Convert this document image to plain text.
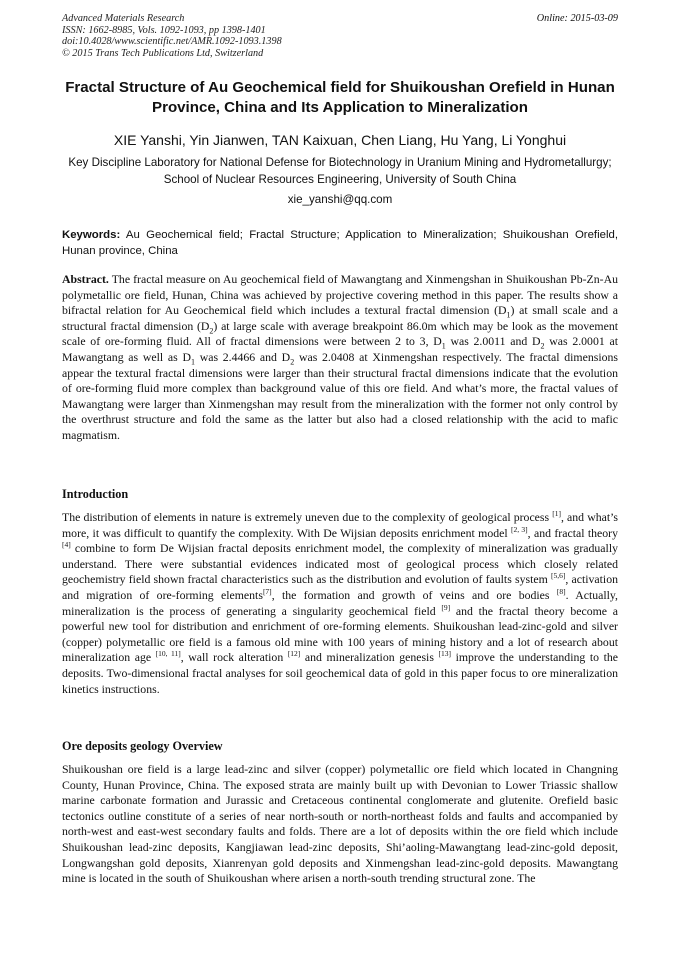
Advanced Materials Research
ISSN: 1662-8985, Vols. 1092-1093, pp 1398-1401
doi:10.4028/www.scientific.net/AMR.1092-1093.1398
© 2015 Trans Tech Publications Ltd, Switzerland
Online: 2015-03-09
Fractal Structure of Au Geochemical field for Shuikoushan Orefield in Hunan Province, China and Its Application to Mineralization
XIE Yanshi, Yin Jianwen, TAN Kaixuan, Chen Liang, Hu Yang, Li Yonghui
Key Discipline Laboratory for National Defense for Biotechnology in Uranium Mining and Hydrometallurgy; School of Nuclear Resources Engineering, University of South China
xie_yanshi@qq.com
Keywords: Au Geochemical field; Fractal Structure; Application to Mineralization; Shuikoushan Orefield, Hunan province, China
Abstract. The fractal measure on Au geochemical field of Mawangtang and Xinmengshan in Shuikoushan Pb-Zn-Au polymetallic ore field, Hunan, China was achieved by projective covering method in this paper. The results show a bifractal relation for Au Geochemical field which includes a textural fractal dimension $(D_1)$ at small scale and a structural fractal dimension $(D_2)$ at large scale with average breakpoint 86.0m which may be look as the movement scale of ore-forming fluid. All of fractal dimensions were between 2 to 3, $D_1$ was 2.0011 and $D_2$ was 2.0001 at Mawangtang as well as $D_1$ was 2.4466 and $D_2$ was 2.0408 at Xinmengshan respectively. The fractal dimensions appear the textural fractal dimensions were larger than their structural fractal dimensions indicate that the evolution of ore-forming fluid more complex than background value of this ore field. And what’s more, the fractal values of Mawangtang were larger than Xinmengshan may result from the mineralization with the former not only control by the overthrust structure and fold the same as the latter but also had a closed relationship with the acid to mafic magmatism.
Introduction
The distribution of elements in nature is extremely uneven due to the complexity of geological process [1], and what’s more, it was difficult to quantify the complexity. With De Wijsian deposits enrichment model [2, 3], and fractal theory [4] combine to form De Wijsian fractal deposits enrichment model, the complexity of mineralization was gradually understand. There were substantial evidences indicated most of geological process which closely related geochemistry field shown fractal characteristics such as the distribution and evolution of faults system [5,6], activation and migration of ore-forming elements[7], the formation and growth of veins and ore bodies [8]. Actually, mineralization is the process of generating a singularity geochemical field [9] and the fractal theory become a powerful new tool for distribution and enrichment of ore-forming elements. Shuikoushan lead-zinc-gold and silver (copper) polymetallic ore field is a famous old mine with 100 years of mining history and a lot of research about mineralization age [10, 11], wall rock alteration [12] and mineralization genesis [13] improve the understanding to the deposits. Two-dimensional fractal analyses for soil geochemical data of gold in this paper focus to ore mineralization kinetics instructions.
Ore deposits geology Overview
Shuikoushan ore field is a large lead-zinc and silver (copper) polymetallic ore field which located in Changning County, Hunan Province, China. The exposed strata are mainly built up with Devonian to Lower Triassic shallow marine carbonate formation and Jurassic and Cretaceous continental conglomerate and glutenite. Orefield basic tectonics outline constitute of a series of near north-south or north-northeast folds and faults and accompanied by north-west and east-west secondary faults and folds. There are a lot of deposits within the ore field which include Shuikoushan lead-zinc deposits, Kangjiawan lead-zinc deposits, Shi’aoling-Mawangtang lead-zinc-gold deposit, Longwangshan gold deposits, Xianrenyan gold deposits and Xinmengshan lead-zinc-gold deposits. Mawangtang mine is located in the south of Shuikoushan where arisen a north-south trending structural zone. The
